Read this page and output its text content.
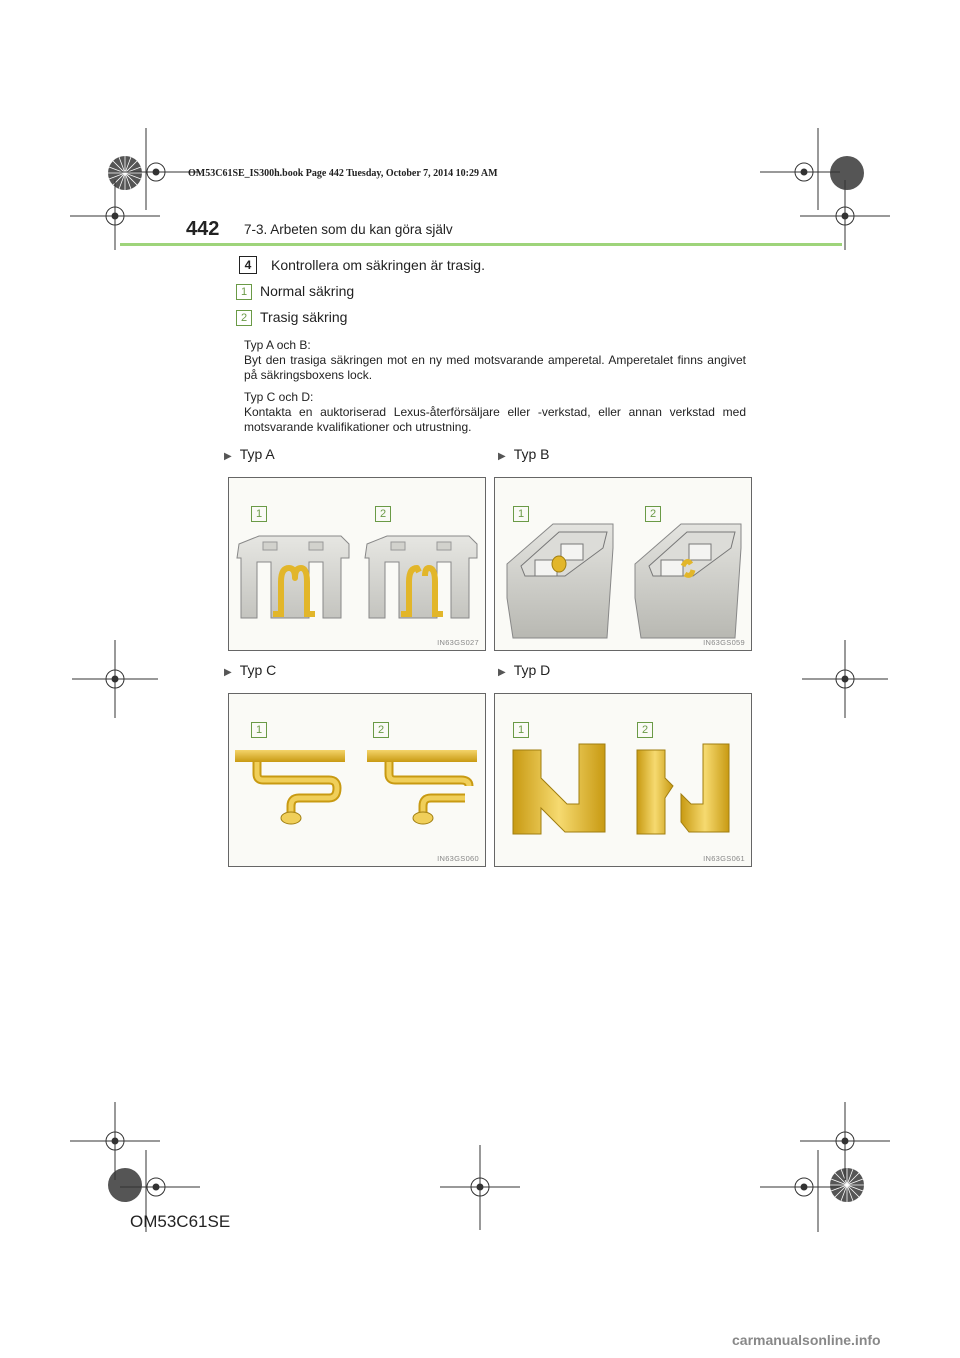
OM53C61SE_IS300h.book Page 442 Tuesday, October 7, 2014 10:29 AM
442 7-3. Arbeten som du kan göra själv
4	Kontrollera om säkringen är trasig.
1 Normal säkring
2 Trasig säkring
Typ A och B:
Byt den trasiga säkringen mot en ny med motsvarande amperetal. Amperetalet finns angivet på säkringsboxens lock.
Typ C och D:
Kontakta en auktoriserad Lexus-återförsäljare eller -verkstad, eller annan verkstad med motsvarande kvalifikationer och utrustning.
▶ Typ A	▶ Typ B
▶ Typ C	▶ Typ D
1	2
IN63GS027
1	2
IN63GS059
1	2
IN63GS060
1	2
IN63GS061
OM53C61SE
carmanualsonline.info
